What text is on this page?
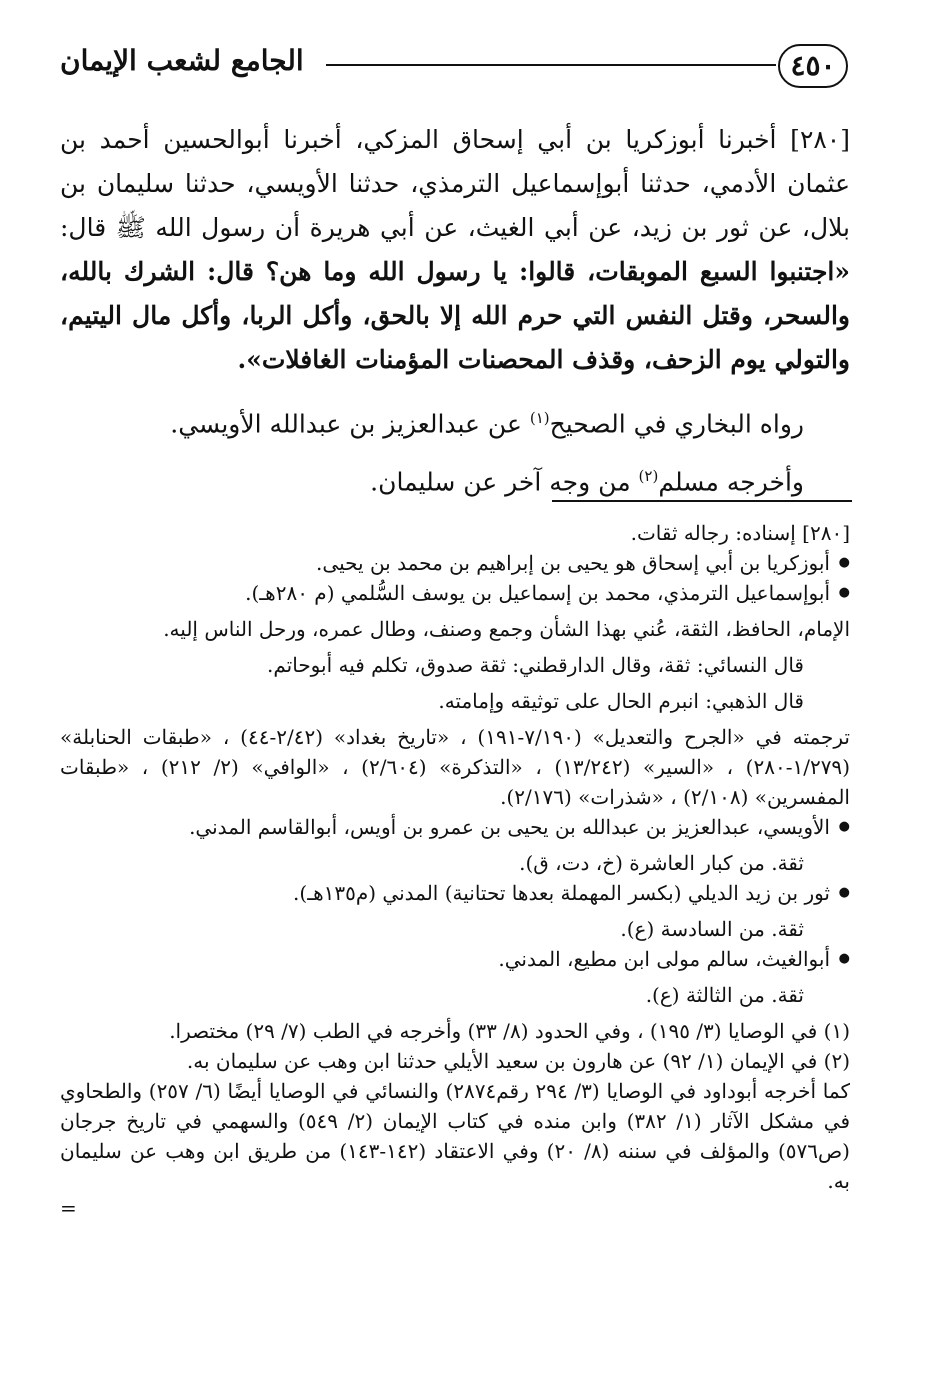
٤٥٠
الجامع لشعب الإيمان

[٢٨٠] أخبرنا أبوزكريا بن أبي إسحاق المزكي، أخبرنا أبوالحسين أحمد بن عثمان الأدمي، حدثنا أبوإسماعيل الترمذي، حدثنا الأويسي، حدثنا سليمان بن بلال، عن ثور بن زيد، عن أبي الغيث، عن أبي هريرة أن رسول الله ﷺ قال: «اجتنبوا السبع الموبقات، قالوا: يا رسول الله وما هن؟ قال: الشرك بالله، والسحر، وقتل النفس التي حرم الله إلا بالحق، وأكل الربا، وأكل مال اليتيم، والتولي يوم الزحف، وقذف المحصنات المؤمنات الغافلات».

رواه البخاري في الصحيح$^{(١)}$ عن عبدالعزيز بن عبدالله الأويسي.

وأخرجه مسلم$^{(٢)}$ من وجه آخر عن سليمان.

[٢٨٠] إسناده: رجاله ثقات.

● أبوزكريا بن أبي إسحاق هو يحيى بن إبراهيم بن محمد بن يحيى.

● أبوإسماعيل الترمذي، محمد بن إسماعيل بن يوسف السُّلمي (م ٢٨٠هـ).

الإمام، الحافظ، الثقة، عُني بهذا الشأن وجمع وصنف، وطال عمره، ورحل الناس إليه.

قال النسائي: ثقة، وقال الدارقطني: ثقة صدوق، تكلم فيه أبوحاتم.

قال الذهبي: انبرم الحال على توثيقه وإمامته.

ترجمته في «الجرح والتعديل» (٧/١٩٠-١٩١) ، «تاريخ بغداد» (٢/٤٢-٤٤) ، «طبقات الحنابلة» (١/٢٧٩-٢٨٠) ، «السير» (١٣/٢٤٢) ، «التذكرة» (٢/٦٠٤) ، «الوافي» (٢/ ٢١٢) ، «طبقات المفسرين» (٢/١٠٨) ، «شذرات» (٢/١٧٦).

● الأويسي، عبدالعزيز بن عبدالله بن يحيى بن عمرو بن أويس، أبوالقاسم المدني.

ثقة. من كبار العاشرة (خ، دت، ق).

● ثور بن زيد الديلي (بكسر المهملة بعدها تحتانية) المدني (م١٣٥هـ).

ثقة. من السادسة (ع).

● أبوالغيث، سالم مولى ابن مطيع، المدني.

ثقة. من الثالثة (ع).

(١) في الوصايا (٣/ ١٩٥) ، وفي الحدود (٨/ ٣٣) وأخرجه في الطب (٧/ ٢٩) مختصرا.

(٢) في الإيمان (١/ ٩٢) عن هارون بن سعيد الأيلي حدثنا ابن وهب عن سليمان به.

كما أخرجه أبوداود في الوصايا (٣/ ٢٩٤ رقم٢٨٧٤) والنسائي في الوصايا أيضًا (٦/ ٢٥٧) والطحاوي في مشكل الآثار (١/ ٣٨٢) وابن منده في كتاب الإيمان (٢/ ٥٤٩) والسهمي في تاريخ جرجان (ص٥٧٦) والمؤلف في سننه (٨/ ٢٠) وفي الاعتقاد (١٤٢-١٤٣) من طريق ابن وهب عن سليمان به.

=
